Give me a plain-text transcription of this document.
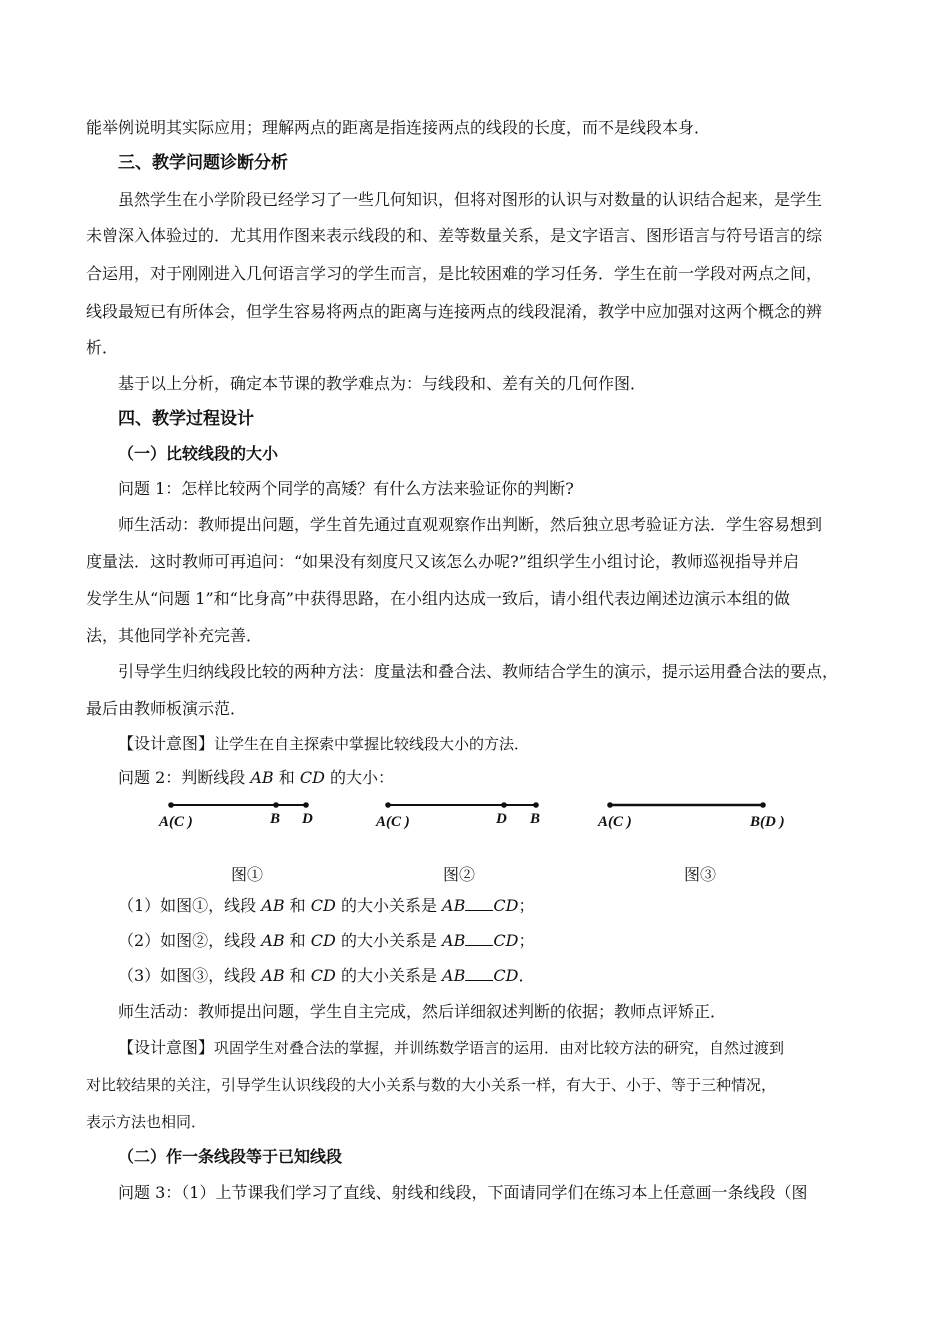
能举例说明其实际应用；理解两点的距离是指连接两点的线段的长度，而不是线段本身．
三、教学问题诊断分析
虽然学生在小学阶段已经学习了一些几何知识，但将对图形的认识与对数量的认识结合起来，是学生
未曾深入体验过的．尤其用作图来表示线段的和、差等数量关系，是文字语言、图形语言与符号语言的综
合运用，对于刚刚进入几何语言学习的学生而言，是比较困难的学习任务．学生在前一学段对两点之间，
线段最短已有所体会，但学生容易将两点的距离与连接两点的线段混淆，教学中应加强对这两个概念的辨
析．
基于以上分析，确定本节课的教学难点为：与线段和、差有关的几何作图．
四、教学过程设计
（一）比较线段的大小
问题 1：怎样比较两个同学的高矮？有什么方法来验证你的判断?
师生活动：教师提出问题，学生首先通过直观观察作出判断，然后独立思考验证方法．学生容易想到
度量法．这时教师可再追问：“如果没有刻度尺又该怎么办呢?”组织学生小组讨论，教师巡视指导并启
发学生从“问题 1”和“比身高”中获得思路，在小组内达成一致后，请小组代表边阐述边演示本组的做
法，其他同学补充完善．
引导学生归纳线段比较的两种方法：度量法和叠合法、教师结合学生的演示，提示运用叠合法的要点，
最后由教师板演示范．
【设计意图】让学生在自主探索中掌握比较线段大小的方法．
问题 2：判断线段 AB 和 CD 的大小：
A(C )	B D	A(C )	D B	A(C )	B(D )
图①	图②	图③
（1）如图①，线段 AB 和 CD 的大小关系是 AB CD；
（2）如图②，线段 AB 和 CD 的大小关系是 AB CD；
（3）如图③，线段 AB 和 CD 的大小关系是 AB CD．
师生活动：教师提出问题，学生自主完成，然后详细叙述判断的依据；教师点评矫正．
【设计意图】巩固学生对叠合法的掌握，并训练数学语言的运用．由对比较方法的研究，自然过渡到
对比较结果的关注，引导学生认识线段的大小关系与数的大小关系一样，有大于、小于、等于三种情况，
表示方法也相同．
（二）作一条线段等于已知线段
问题 3：（1）上节课我们学习了直线、射线和线段，下面请同学们在练习本上任意画一条线段（图
